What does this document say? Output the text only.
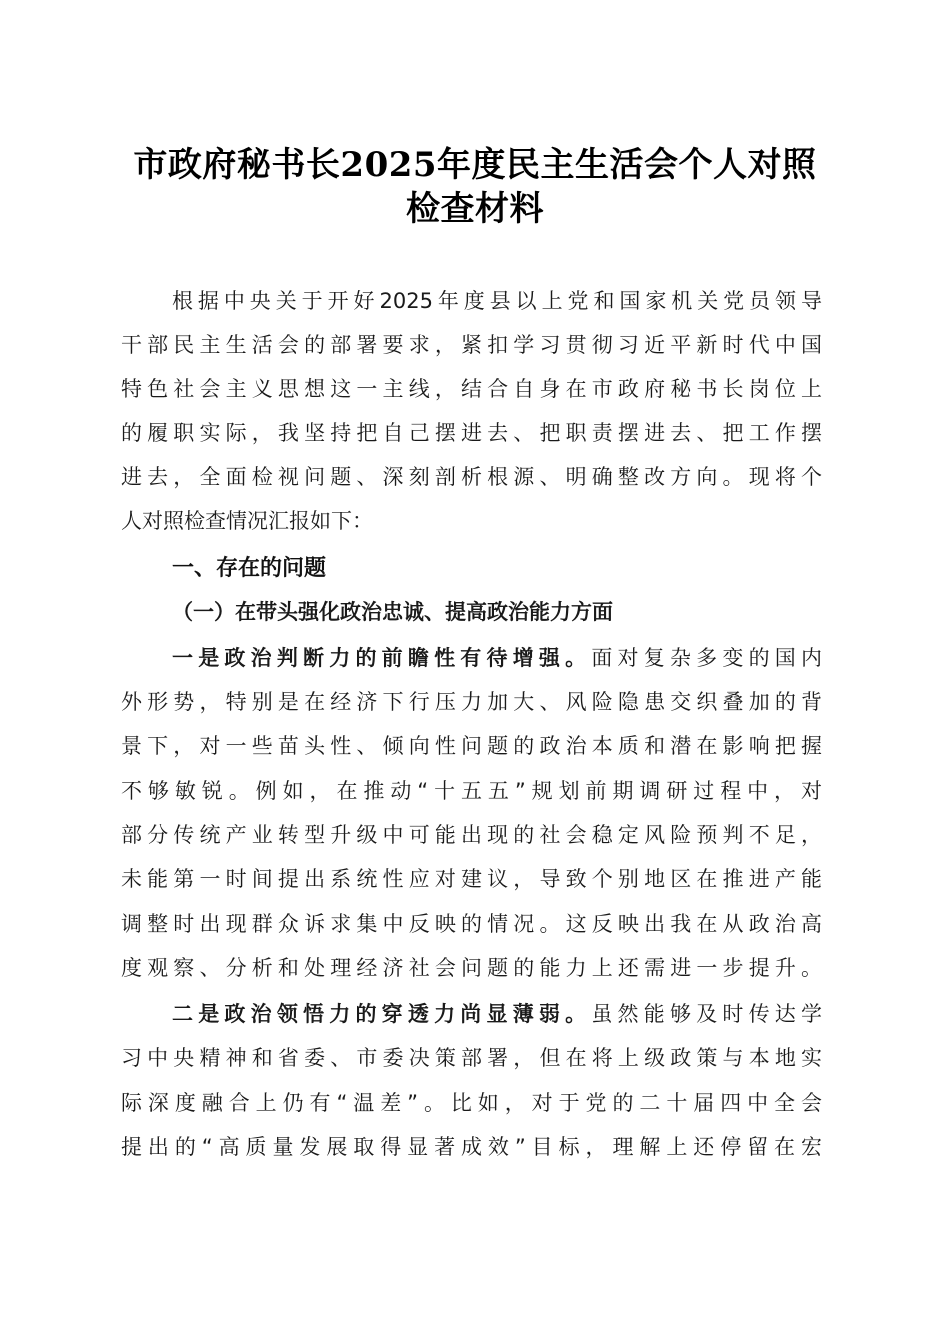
市政府秘书长2025年度民主生活会个人对照
检查材料
根据中央关于开好2025年度县以上党和国家机关党员领导
干部民主生活会的部署要求，紧扣学习贯彻习近平新时代中国
特色社会主义思想这一主线，结合自身在市政府秘书长岗位上
的履职实际，我坚持把自己摆进去、把职责摆进去、把工作摆
进去，全面检视问题、深刻剖析根源、明确整改方向。现将个
人对照检查情况汇报如下：
一、存在的问题
（一）在带头强化政治忠诚、提高政治能力方面
一是政治判断力的前瞻性有待增强。面对复杂多变的国内
外形势，特别是在经济下行压力加大、风险隐患交织叠加的背
景下，对一些苗头性、倾向性问题的政治本质和潜在影响把握
不够敏锐。例如，在推动“十五五”规划前期调研过程中，对
部分传统产业转型升级中可能出现的社会稳定风险预判不足，
未能第一时间提出系统性应对建议，导致个别地区在推进产能
调整时出现群众诉求集中反映的情况。这反映出我在从政治高
度观察、分析和处理经济社会问题的能力上还需进一步提升。
二是政治领悟力的穿透力尚显薄弱。虽然能够及时传达学
习中央精神和省委、市委决策部署，但在将上级政策与本地实
际深度融合上仍有“温差”。比如，对于党的二十届四中全会
提出的“高质量发展取得显著成效”目标，理解上还停留在宏
